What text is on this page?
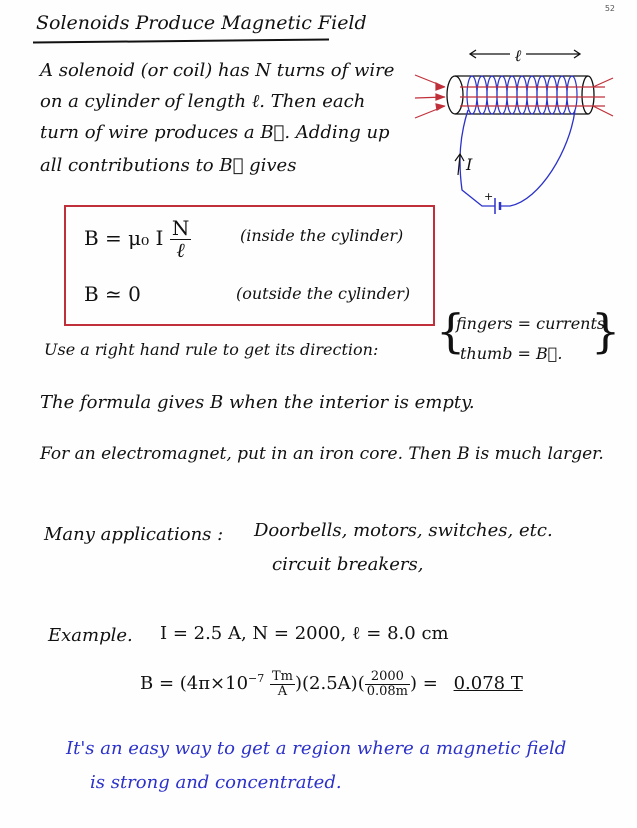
52
Solenoids Produce Magnetic Field
A solenoid (or coil) has N turns of wire
on a cylinder of length ℓ. Then each
turn of wire produces a B⃗. Adding up
all contributions to B⃗ gives
ℓ
+
I
B = μ₀ I $\frac{N}{\text{ℓ}}$	(inside the cylinder)
B ≃ 0	(outside the cylinder)
Use a right hand rule to get its direction: {
fingers = currents
thumb = B⃗. }
The formula gives B when the interior is empty.
For an electromagnet, put in an iron core. Then B is much larger.
Many applications : Doorbells, motors, switches, etc.
circuit breakers,
Example. I = 2.5 A, N = 2000, ℓ = 8.0 cm
$B = (4\pi\times 10^{-7} \frac{Tm}{A} )(2.5A)( \frac{2000}{0.08m}$ ) = 0.078 T
It's an easy way to get a region where a magnetic field
is strong and concentrated.
